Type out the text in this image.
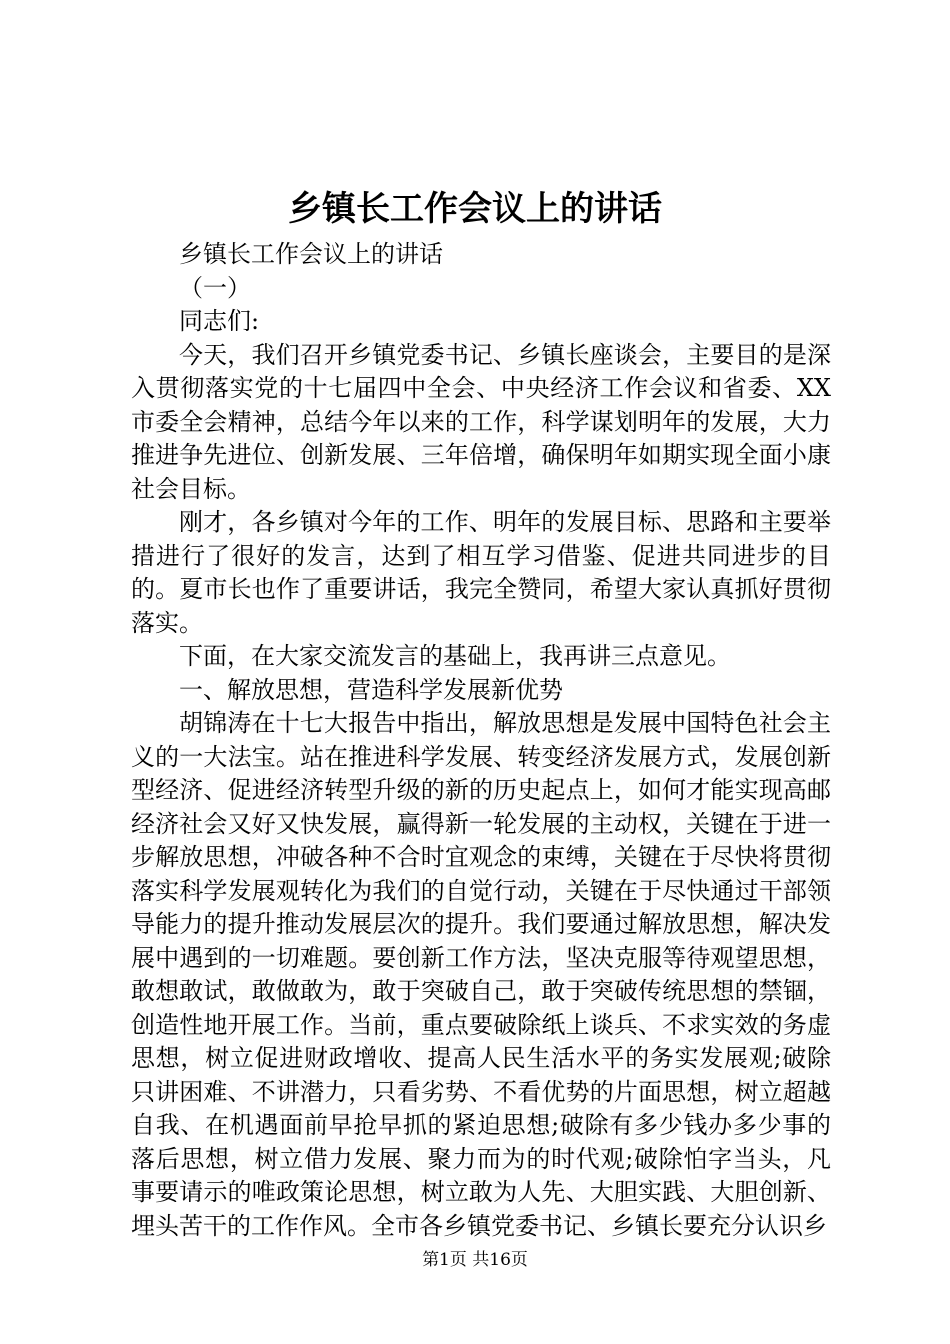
乡镇长工作会议上的讲话

乡镇长工作会议上的讲话

（一）

同志们:

今天，我们召开乡镇党委书记、乡镇长座谈会，主要目的是深入贯彻落实党的十七届四中全会、中央经济工作会议和省委、XX市委全会精神，总结今年以来的工作，科学谋划明年的发展，大力推进争先进位、创新发展、三年倍增，确保明年如期实现全面小康社会目标。

刚才，各乡镇对今年的工作、明年的发展目标、思路和主要举措进行了很好的发言，达到了相互学习借鉴、促进共同进步的目的。夏市长也作了重要讲话，我完全赞同，希望大家认真抓好贯彻落实。

下面，在大家交流发言的基础上，我再讲三点意见。

一、解放思想，营造科学发展新优势

胡锦涛在十七大报告中指出，解放思想是发展中国特色社会主义的一大法宝。站在推进科学发展、转变经济发展方式，发展创新型经济、促进经济转型升级的新的历史起点上，如何才能实现高邮经济社会又好又快发展，赢得新一轮发展的主动权，关键在于进一步解放思想，冲破各种不合时宜观念的束缚，关键在于尽快将贯彻落实科学发展观转化为我们的自觉行动，关键在于尽快通过干部领导能力的提升推动发展层次的提升。我们要通过解放思想，解决发展中遇到的一切难题。要创新工作方法，坚决克服等待观望思想，敢想敢试，敢做敢为，敢于突破自己，敢于突破传统思想的禁锢，创造性地开展工作。当前，重点要破除纸上谈兵、不求实效的务虚思想，树立促进财政增收、提高人民生活水平的务实发展观;破除只讲困难、不讲潜力，只看劣势、不看优势的片面思想，树立超越自我、在机遇面前早抢早抓的紧迫思想;破除有多少钱办多少事的落后思想，树立借力发展、聚力而为的时代观;破除怕字当头，凡事要请示的唯政策论思想，树立敢为人先、大胆实践、大胆创新、埋头苦干的工作作风。全市各乡镇党委书记、乡镇长要充分认识乡

第1页 共16页
